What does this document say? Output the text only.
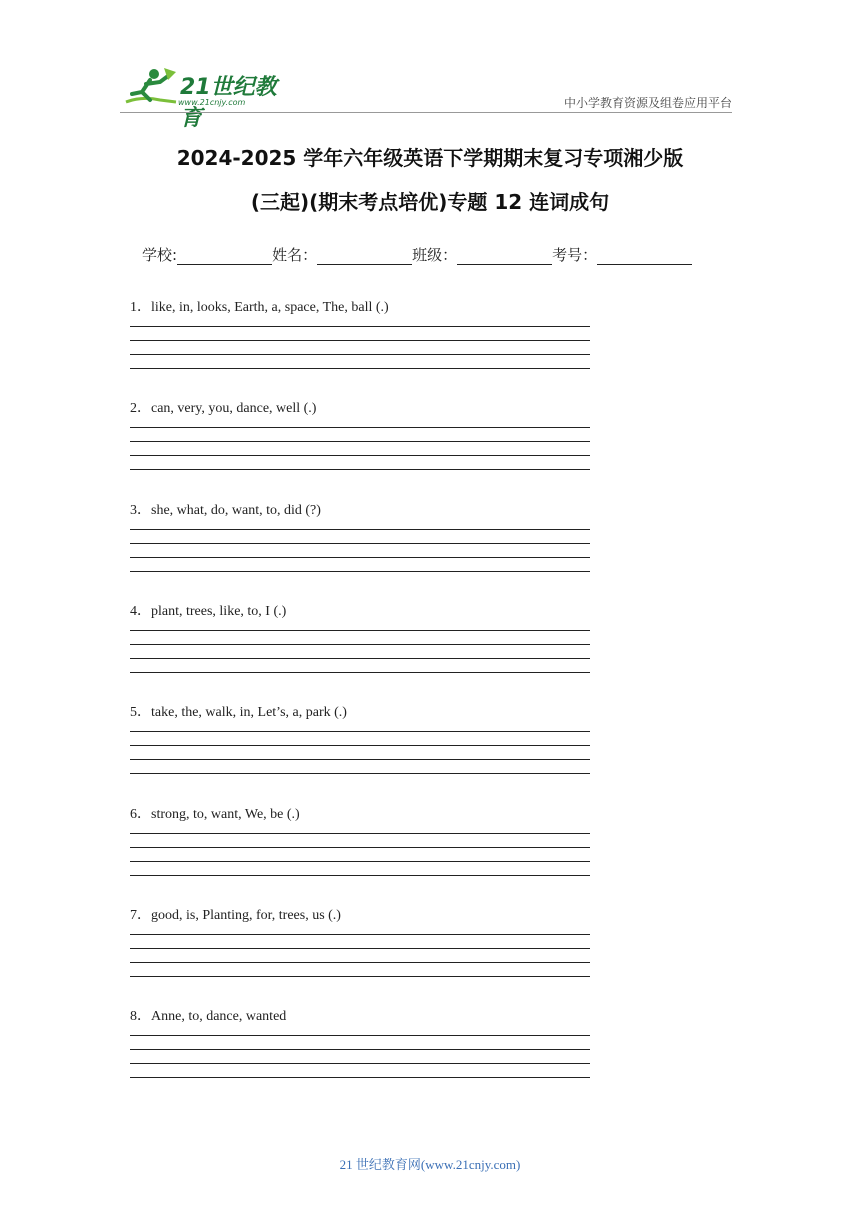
21世纪教育
www.21cnjy.com	中小学教育资源及组卷应用平台
2024-2025 学年六年级英语下学期期末复习专项湘少版
(三起)(期末考点培优)专题 12 连词成句
学校:	姓名：	班级：	考号：
1．like, in, looks, Earth, a, space, The, ball (.)
2．can, very, you, dance, well (.)
3．she, what, do, want, to, did (?)
4．plant, trees, like, to, I (.)
5．take, the, walk, in, Let’s, a, park (.)
6．strong, to, want, We, be (.)
7．good, is, Planting, for, trees, us (.)
8．Anne, to, dance, wanted
21 世纪教育网(www.21cnjy.com)
